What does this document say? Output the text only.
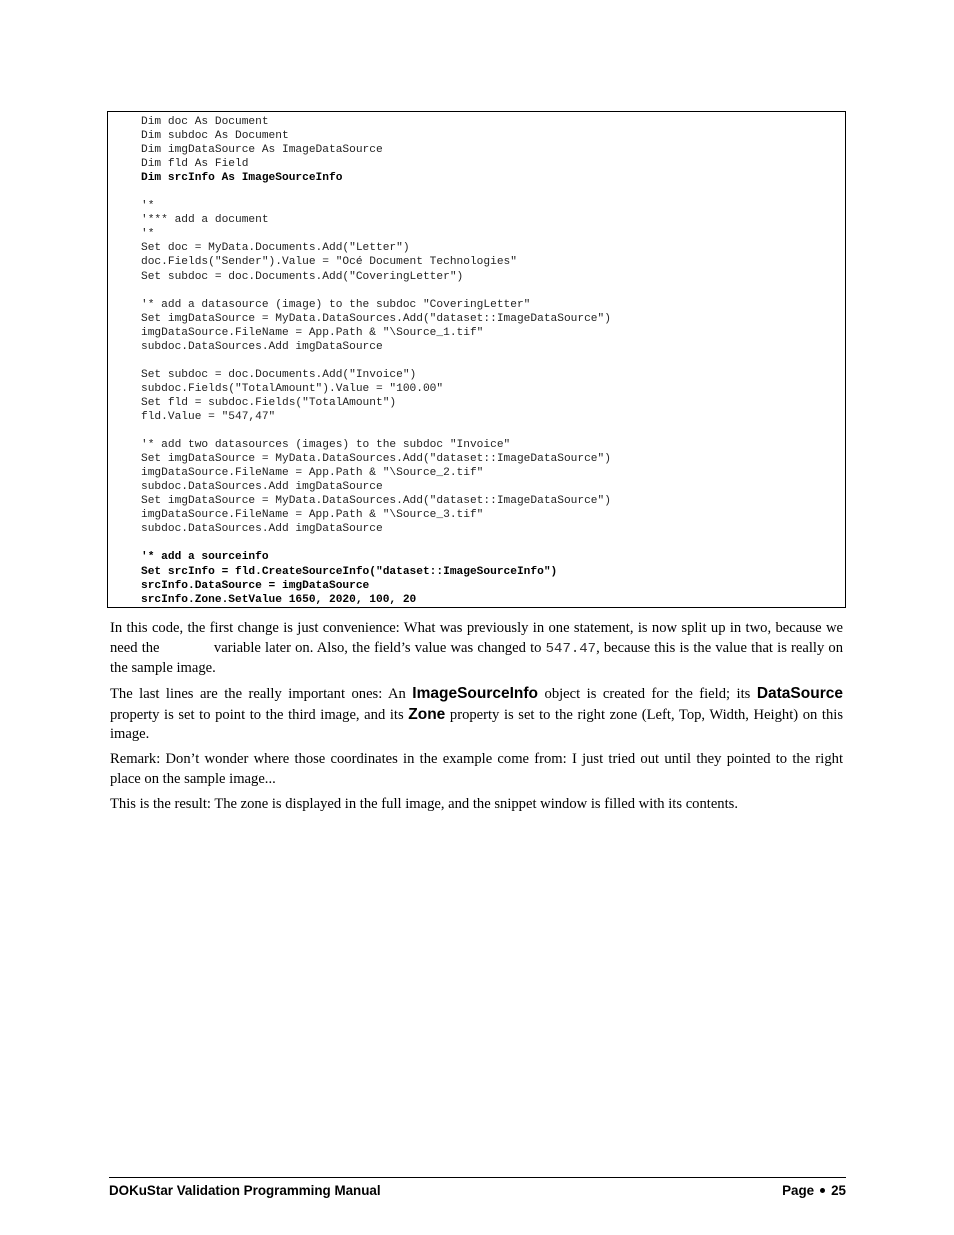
Dim doc As Document
Dim subdoc As Document
Dim imgDataSource As ImageDataSource
Dim fld As Field
Dim srcInfo As ImageSourceInfo
'*
'*** add a document
'*
Set doc = MyData.Documents.Add("Letter")
doc.Fields("Sender").Value = "Océ Document Technologies"
Set subdoc = doc.Documents.Add("CoveringLetter")
'* add a datasource (image) to the subdoc "CoveringLetter"
Set imgDataSource = MyData.DataSources.Add("dataset::ImageDataSource")
imgDataSource.FileName = App.Path & "\Source_1.tif"
subdoc.DataSources.Add imgDataSource
Set subdoc = doc.Documents.Add("Invoice")
subdoc.Fields("TotalAmount").Value = "100.00"
Set fld = subdoc.Fields("TotalAmount")
fld.Value = "547,47"
'* add two datasources (images) to the subdoc "Invoice"
Set imgDataSource = MyData.DataSources.Add("dataset::ImageDataSource")
imgDataSource.FileName = App.Path & "\Source_2.tif"
subdoc.DataSources.Add imgDataSource
Set imgDataSource = MyData.DataSources.Add("dataset::ImageDataSource")
imgDataSource.FileName = App.Path & "\Source_3.tif"
subdoc.DataSources.Add imgDataSource
'* add a sourceinfo
Set srcInfo = fld.CreateSourceInfo("dataset::ImageSourceInfo")
srcInfo.DataSource = imgDataSource
srcInfo.Zone.SetValue 1650, 2020, 100, 20

In this code, the first change is just convenience: What was previously in one statement, is now split up in two, because we need the	variable later on. Also, the field’s value was changed to 547.47, because this is the value that is really on the sample image.

The last lines are the really important ones: An ImageSourceInfo object is created for the field; its DataSource property is set to point to the third image, and its Zone property is set to the right zone (Left, Top, Width, Height) on this image.

Remark: Don’t wonder where those coordinates in the example come from: I just tried out until they pointed to the right place on the sample image...

This is the result: The zone is displayed in the full image, and the snippet window is filled with its contents.

DOKuStar Validation Programming Manual	Page 25
